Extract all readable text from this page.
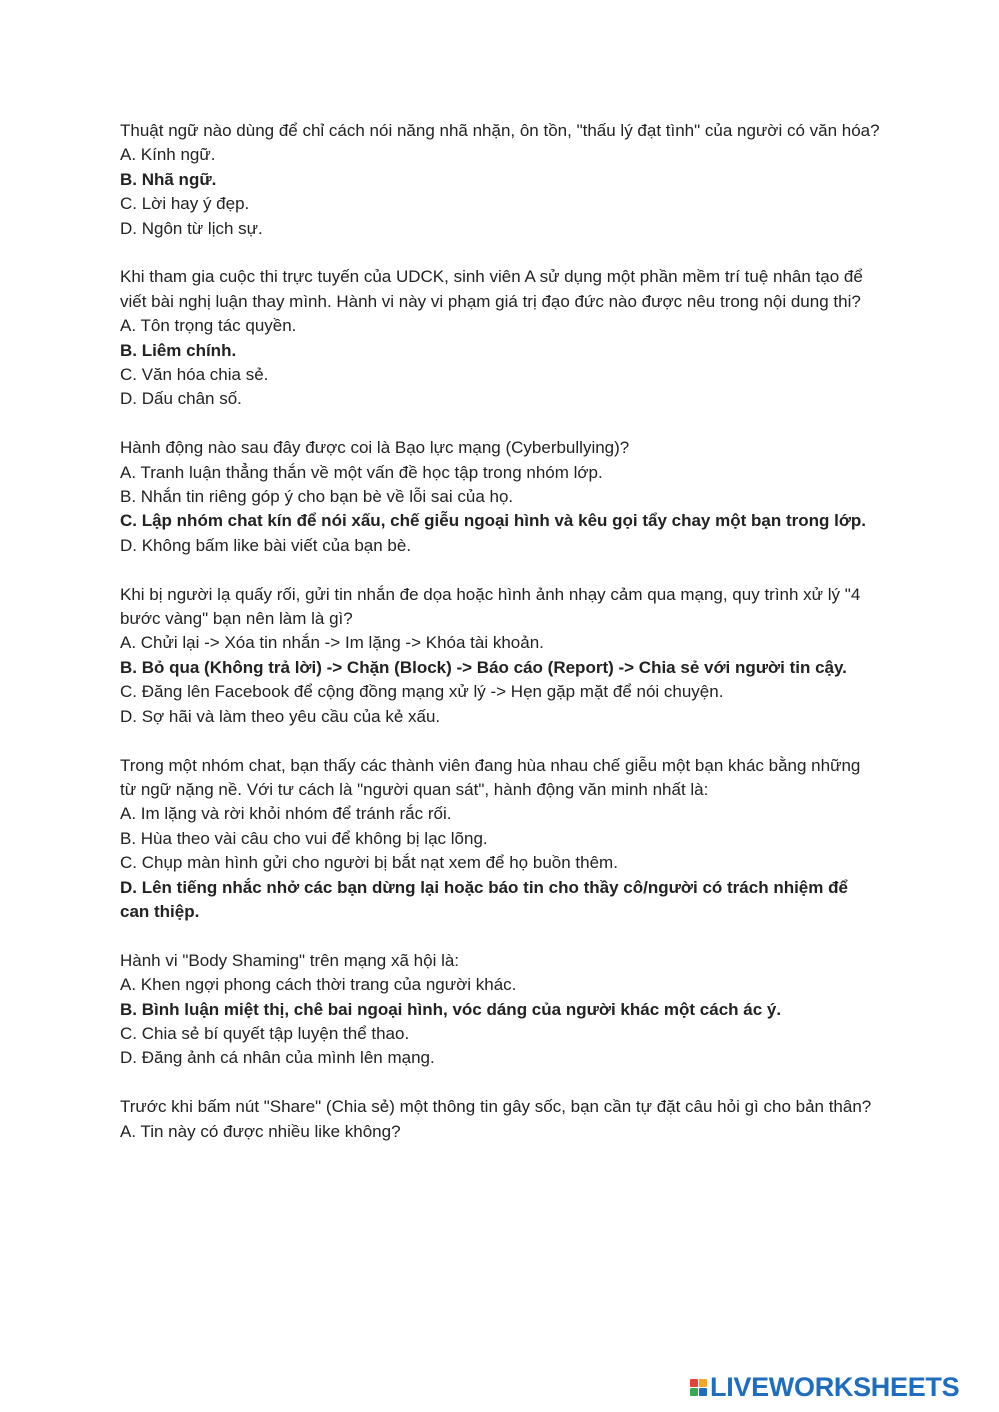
Thuật ngữ nào dùng để chỉ cách nói năng nhã nhặn, ôn tồn, "thấu lý đạt tình" của người có văn hóa?

A. Kính ngữ.

B. Nhã ngữ.

C. Lời hay ý đẹp.

D. Ngôn từ lịch sự.

Khi tham gia cuộc thi trực tuyến của UDCK, sinh viên A sử dụng một phần mềm trí tuệ nhân tạo để viết bài nghị luận thay mình. Hành vi này vi phạm giá trị đạo đức nào được nêu trong nội dung thi?

A. Tôn trọng tác quyền.

B. Liêm chính.

C. Văn hóa chia sẻ.

D. Dấu chân số.

Hành động nào sau đây được coi là Bạo lực mạng (Cyberbullying)?

A. Tranh luận thẳng thắn về một vấn đề học tập trong nhóm lớp.

B. Nhắn tin riêng góp ý cho bạn bè về lỗi sai của họ.

C. Lập nhóm chat kín để nói xấu, chế giễu ngoại hình và kêu gọi tẩy chay một bạn trong lớp.

D. Không bấm like bài viết của bạn bè.

Khi bị người lạ quấy rối, gửi tin nhắn đe dọa hoặc hình ảnh nhạy cảm qua mạng, quy trình xử lý "4 bước vàng" bạn nên làm là gì?

A. Chửi lại -> Xóa tin nhắn -> Im lặng -> Khóa tài khoản.

B. Bỏ qua (Không trả lời) -> Chặn (Block) -> Báo cáo (Report) -> Chia sẻ với người tin cậy.

C. Đăng lên Facebook để cộng đồng mạng xử lý -> Hẹn gặp mặt để nói chuyện.

D. Sợ hãi và làm theo yêu cầu của kẻ xấu.

Trong một nhóm chat, bạn thấy các thành viên đang hùa nhau chế giễu một bạn khác bằng những từ ngữ nặng nề. Với tư cách là "người quan sát", hành động văn minh nhất là:

A. Im lặng và rời khỏi nhóm để tránh rắc rối.

B. Hùa theo vài câu cho vui để không bị lạc lõng.

C. Chụp màn hình gửi cho người bị bắt nạt xem để họ buồn thêm.

D. Lên tiếng nhắc nhở các bạn dừng lại hoặc báo tin cho thầy cô/người có trách nhiệm để can thiệp.

Hành vi "Body Shaming" trên mạng xã hội là:

A. Khen ngợi phong cách thời trang của người khác.

B. Bình luận miệt thị, chê bai ngoại hình, vóc dáng của người khác một cách ác ý.

C. Chia sẻ bí quyết tập luyện thể thao.

D. Đăng ảnh cá nhân của mình lên mạng.

Trước khi bấm nút "Share" (Chia sẻ) một thông tin gây sốc, bạn cần tự đặt câu hỏi gì cho bản thân?

A. Tin này có được nhiều like không?

LIVEWORKSHEETS
